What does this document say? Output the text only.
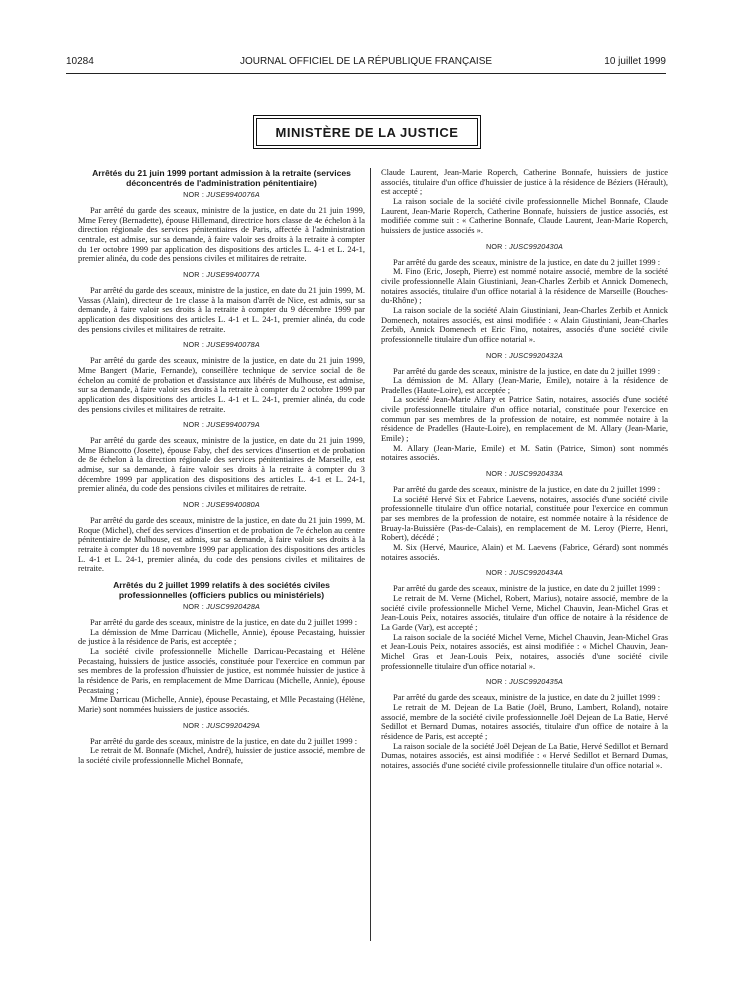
10284	JOURNAL OFFICIEL DE LA RÉPUBLIQUE FRANÇAISE	10 juillet 1999
MINISTÈRE DE LA JUSTICE

Arrêtés du 21 juin 1999 portant admission à la retraite (services déconcentrés de l'administration pénitentiaire)

NOR : JUSE9940076A

Par arrêté du garde des sceaux, ministre de la justice, en date du 21 juin 1999, Mme Ferey (Bernadette), épouse Hillemand, directrice hors classe de 4e échelon à la direction régionale des services pénitentiaires de Paris, affectée à l'administration centrale, est admise, sur sa demande, à faire valoir ses droits à la retraite à compter du 1er octobre 1999 par application des dispositions des articles L. 4-1 et L. 24-1, premier alinéa, du code des pensions civiles et militaires de retraite.

NOR : JUSE9940077A

Par arrêté du garde des sceaux, ministre de la justice, en date du 21 juin 1999, M. Vassas (Alain), directeur de 1re classe à la maison d'arrêt de Nice, est admis, sur sa demande, à faire valoir ses droits à la retraite à compter du 9 décembre 1999 par application des dispositions des articles L. 4-1 et L. 24-1, premier alinéa, du code des pensions civiles et militaires de retraite.

NOR : JUSE9940078A

Par arrêté du garde des sceaux, ministre de la justice, en date du 21 juin 1999, Mme Bangert (Marie, Fernande), conseillère technique de service social de 8e échelon au comité de probation et d'assistance aux libérés de Mulhouse, est admise, sur sa demande, à faire valoir ses droits à la retraite à compter du 2 octobre 1999 par application des dispositions des articles L. 4-1 et L. 24-1, premier alinéa, du code des pensions civiles et militaires de retraite.

NOR : JUSE9940079A

Par arrêté du garde des sceaux, ministre de la justice, en date du 21 juin 1999, Mme Biancotto (Josette), épouse Faby, chef des services d'insertion et de probation de 8e échelon à la direction régionale des services pénitentiaires de Marseille, est admise, sur sa demande, à faire valoir ses droits à la retraite à compter du 3 décembre 1999 par application des dispositions des articles L. 4-1 et L. 24-1, premier alinéa, du code des pensions civiles et militaires de retraite.

NOR : JUSE9940080A

Par arrêté du garde des sceaux, ministre de la justice, en date du 21 juin 1999, M. Roque (Michel), chef des services d'insertion et de probation de 7e échelon au centre pénitentiaire de Mulhouse, est admis, sur sa demande, à faire valoir ses droits à la retraite à compter du 18 novembre 1999 par application des dispositions des articles L. 4-1 et L. 24-1, premier alinéa, du code des pensions civiles et militaires de retraite.

Arrêtés du 2 juillet 1999 relatifs à des sociétés civiles professionnelles (officiers publics ou ministériels)

NOR : JUSC9920428A

Par arrêté du garde des sceaux, ministre de la justice, en date du 2 juillet 1999 :

La démission de Mme Darricau (Michelle, Annie), épouse Pecastaing, huissier de justice à la résidence de Paris, est acceptée ;

La société civile professionnelle Michelle Darricau-Pecastaing et Hélène Pecastaing, huissiers de justice associés, constituée pour l'exercice en commun par ses membres de la profession d'huissier de justice, est nommée huissier de justice à la résidence de Paris, en remplacement de Mme Darricau (Michelle, Annie), épouse Pecastaing ;

Mme Darricau (Michelle, Annie), épouse Pecastaing, et Mlle Pecastaing (Hélène, Marie) sont nommées huissiers de justice associés.

NOR : JUSC9920429A

Par arrêté du garde des sceaux, ministre de la justice, en date du 2 juillet 1999 :

Le retrait de M. Bonnafe (Michel, André), huissier de justice associé, membre de la société civile professionnelle Michel Bonnafe,

Claude Laurent, Jean-Marie Roperch, Catherine Bonnafe, huissiers de justice associés, titulaire d'un office d'huissier de justice à la résidence de Béziers (Hérault), est accepté ;

La raison sociale de la société civile professionnelle Michel Bonnafe, Claude Laurent, Jean-Marie Roperch, Catherine Bonnafe, huissiers de justice associés, est modifiée comme suit : « Catherine Bonnafe, Claude Laurent, Jean-Marie Roperch, huissiers de justice associés ».

NOR : JUSC9920430A

Par arrêté du garde des sceaux, ministre de la justice, en date du 2 juillet 1999 :

M. Fino (Eric, Joseph, Pierre) est nommé notaire associé, membre de la société civile professionnelle Alain Giustiniani, Jean-Charles Zerbib et Annick Domenech, notaires associés, titulaire d'un office notarial à la résidence de Marseille (Bouches-du-Rhône) ;

La raison sociale de la société Alain Giustiniani, Jean-Charles Zerbib et Annick Domenech, notaires associés, est ainsi modifiée : « Alain Giustiniani, Jean-Charles Zerbib, Annick Domenech et Eric Fino, notaires, associés d'une société civile professionnelle titulaire d'un office notarial ».

NOR : JUSC9920432A

Par arrêté du garde des sceaux, ministre de la justice, en date du 2 juillet 1999 :

La démission de M. Allary (Jean-Marie, Emile), notaire à la résidence de Pradelles (Haute-Loire), est acceptée ;

La société Jean-Marie Allary et Patrice Satin, notaires, associés d'une société civile professionnelle titulaire d'un office notarial, constituée pour l'exercice en commun par ses membres de la profession de notaire, est nommée notaire à la résidence de Pradelles (Haute-Loire), en remplacement de M. Allary (Jean-Marie, Emile) ;

M. Allary (Jean-Marie, Emile) et M. Satin (Patrice, Simon) sont nommés notaires associés.

NOR : JUSC9920433A

Par arrêté du garde des sceaux, ministre de la justice, en date du 2 juillet 1999 :

La société Hervé Six et Fabrice Laevens, notaires, associés d'une société civile professionnelle titulaire d'un office notarial, constituée pour l'exercice en commun par ses membres de la profession de notaire, est nommée notaire à la résidence de Bruay-la-Buissière (Pas-de-Calais), en remplacement de M. Leroy (Pierre, Henri, Robert), décédé ;

M. Six (Hervé, Maurice, Alain) et M. Laevens (Fabrice, Gérard) sont nommés notaires associés.

NOR : JUSC9920434A

Par arrêté du garde des sceaux, ministre de la justice, en date du 2 juillet 1999 :

Le retrait de M. Verne (Michel, Robert, Marius), notaire associé, membre de la société civile professionnelle Michel Verne, Michel Chauvin, Jean-Michel Gras et Jean-Louis Peix, notaires associés, titulaire d'un office de notaire à la résidence de La Garde (Var), est accepté ;

La raison sociale de la société Michel Verne, Michel Chauvin, Jean-Michel Gras et Jean-Louis Peix, notaires associés, est ainsi modifiée : « Michel Chauvin, Jean-Michel Gras et Jean-Louis Peix, notaires, associés d'une société civile professionnelle titulaire d'un office notarial ».

NOR : JUSC9920435A

Par arrêté du garde des sceaux, ministre de la justice, en date du 2 juillet 1999 :

Le retrait de M. Dejean de La Batie (Joël, Bruno, Lambert, Roland), notaire associé, membre de la société civile professionnelle Joël Dejean de La Batie, Hervé Sedillot et Bernard Dumas, notaires associés, titulaire d'un office de notaire à la résidence de Paris, est accepté ;

La raison sociale de la société Joël Dejean de La Batie, Hervé Sedillot et Bernard Dumas, notaires associés, est ainsi modifiée : « Hervé Sedillot et Bernard Dumas, notaires, associés d'une société civile professionnelle titulaire d'un office notarial ».
